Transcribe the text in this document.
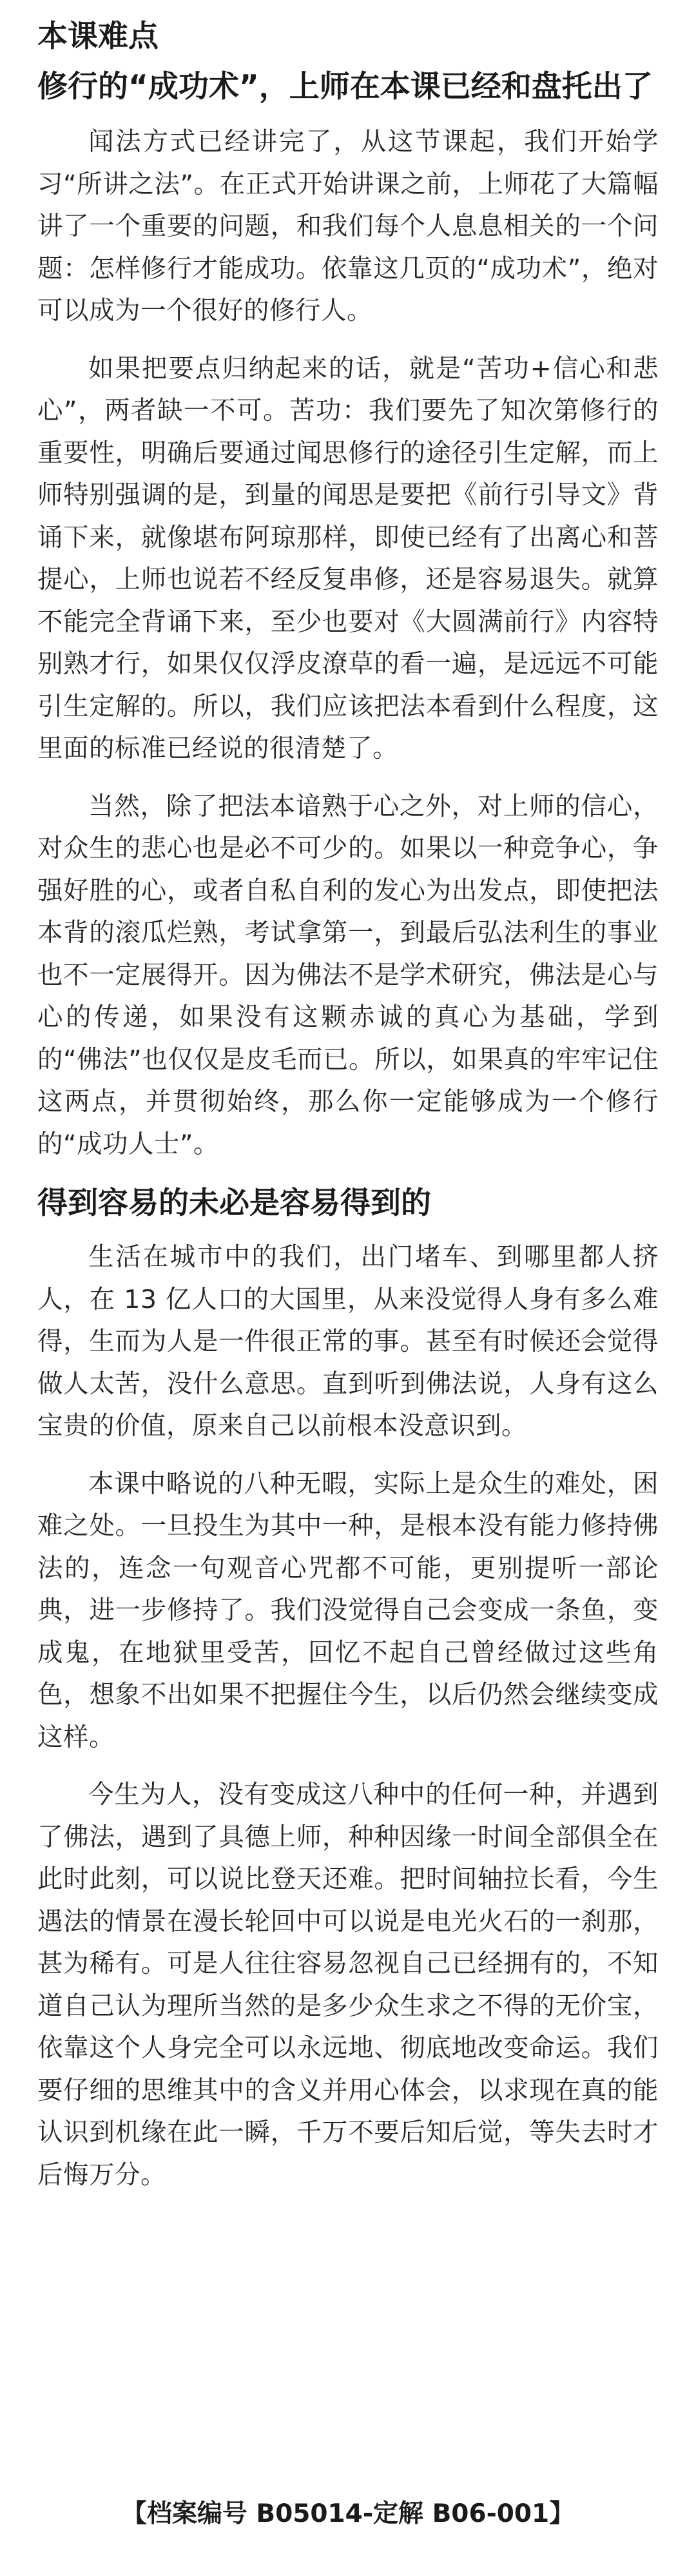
本课难点
修行的“成功术”，上师在本课已经和盘托出了

闻法方式已经讲完了，从这节课起，我们开始学习“所讲之法”。在正式开始讲课之前，上师花了大篇幅讲了一个重要的问题，和我们每个人息息相关的一个问题：怎样修行才能成功。依靠这几页的“成功术”，绝对可以成为一个很好的修行人。

如果把要点归纳起来的话，就是“苦功+信心和悲心”，两者缺一不可。苦功：我们要先了知次第修行的重要性，明确后要通过闻思修行的途径引生定解，而上师特别强调的是，到量的闻思是要把《前行引导文》背诵下来，就像堪布阿琼那样，即使已经有了出离心和菩提心，上师也说若不经反复串修，还是容易退失。就算不能完全背诵下来，至少也要对《大圆满前行》内容特别熟才行，如果仅仅浮皮潦草的看一遍，是远远不可能引生定解的。所以，我们应该把法本看到什么程度，这里面的标准已经说的很清楚了。

当然，除了把法本谙熟于心之外，对上师的信心，对众生的悲心也是必不可少的。如果以一种竞争心，争强好胜的心，或者自私自利的发心为出发点，即使把法本背的滚瓜烂熟，考试拿第一，到最后弘法利生的事业也不一定展得开。因为佛法不是学术研究，佛法是心与心的传递，如果没有这颗赤诚的真心为基础，学到的“佛法”也仅仅是皮毛而已。所以，如果真的牢牢记住这两点，并贯彻始终，那么你一定能够成为一个修行的“成功人士”。

得到容易的未必是容易得到的

生活在城市中的我们，出门堵车、到哪里都人挤人，在 13 亿人口的大国里，从来没觉得人身有多么难得，生而为人是一件很正常的事。甚至有时候还会觉得做人太苦，没什么意思。直到听到佛法说，人身有这么宝贵的价值，原来自己以前根本没意识到。

本课中略说的八种无暇，实际上是众生的难处，困难之处。一旦投生为其中一种，是根本没有能力修持佛法的，连念一句观音心咒都不可能，更别提听一部论典，进一步修持了。我们没觉得自己会变成一条鱼，变成鬼，在地狱里受苦，回忆不起自己曾经做过这些角色，想象不出如果不把握住今生，以后仍然会继续变成这样。

今生为人，没有变成这八种中的任何一种，并遇到了佛法，遇到了具德上师，种种因缘一时间全部俱全在此时此刻，可以说比登天还难。把时间轴拉长看，今生遇法的情景在漫长轮回中可以说是电光火石的一刹那，甚为稀有。可是人往往容易忽视自己已经拥有的，不知道自己认为理所当然的是多少众生求之不得的无价宝，依靠这个人身完全可以永远地、彻底地改变命运。我们要仔细的思维其中的含义并用心体会，以求现在真的能认识到机缘在此一瞬，千万不要后知后觉，等失去时才后悔万分。

【档案编号 B05014-定解 B06-001】
